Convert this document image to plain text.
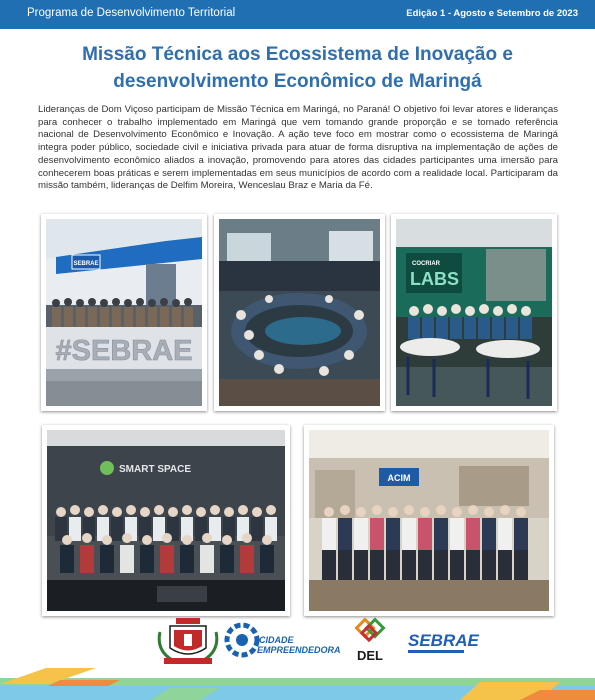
Programa de Desenvolvimento Territorial	Edição 1 - Agosto e Setembro de 2023
Missão Técnica aos Ecossistema de Inovação e
desenvolvimento Econômico de Maringá

Lideranças de Dom Viçoso participam de Missão Técnica em Maringá, no Paraná! O objetivo foi levar atores e lideranças para conhecer o trabalho implementado em Maringá que vem tomando grande proporção e se tornado referência nacional de Desenvolvimento Econômico e Inovação. A ação teve foco em mostrar como o ecossistema de Maringá integra poder público, sociedade civil e iniciativa privada para atuar de forma disruptiva na implementação de ações de desenvolvimento econômico aliados a inovação, promovendo para atores das cidades participantes uma imersão para conhecerem boas práticas e serem implementadas em seus municípios de acordo com a realidade local. Participaram da missão também, lideranças de Delfim Moreira, Wenceslau Braz e Maria da Fé.

SEBRAE
#SEBRAE
COCRIAR
LABS
SMART SPACE
ACIM
CIDADE
EMPREENDEDORA DEL
SEBRAE
